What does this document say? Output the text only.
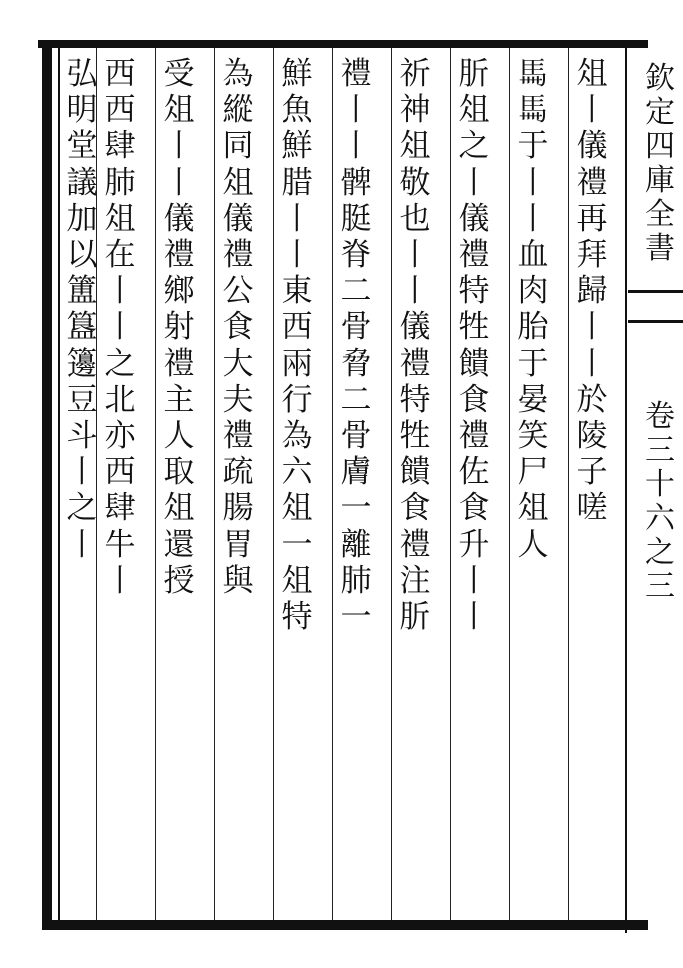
俎
丨
儀
禮
再
拜
歸
丨
丨
於
陵
子
嗟
𩡧
𩡧
于
丨
丨
血
肉
胎
于
晏
笑
尸
俎
人
肵
俎
之
丨
儀
禮
特
牲
饋
食
禮
佐
食
升
丨
丨
祈
神
俎
敬
也
丨
丨
儀
禮
特
牲
饋
食
禮
注
肵
禮
丨
丨
髀
脡
脊
二
骨
脅
二
骨
膚
一
離
肺
一
鮮
魚
鮮
腊
丨
丨
東
西
兩
行
為
六
俎
一
俎
特
為
縱
同
俎
儀
禮
公
食
大
夫
禮
疏
腸
胃
與
受
俎
丨
丨
儀
禮
鄉
射
禮
主
人
取
俎
還
授
西
西
肆
肺
俎
在
丨
丨
之
北
亦
西
肆
牛
丨
弘
明
堂
議
加
以
簠
簋
籩
豆
斗
丨
之
丨
欽
定
四
庫
全
書
卷
三
十
六
之
三
